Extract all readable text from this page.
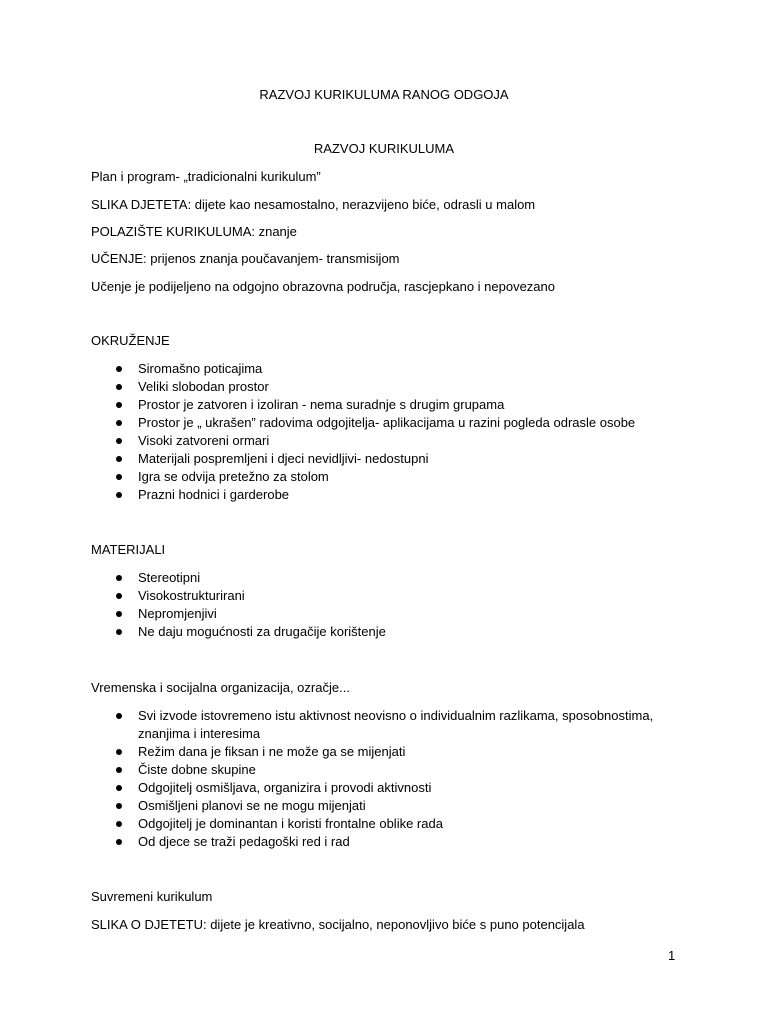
RAZVOJ KURIKULUMA RANOG ODGOJA
RAZVOJ KURIKULUMA
Plan i program- „tradicionalni kurikulum”
SLIKA DJETETA: dijete kao nesamostalno, nerazvijeno biće, odrasli u malom
POLAZIŠTE KURIKULUMA: znanje
UČENJE: prijenos znanja poučavanjem- transmisijom
Učenje je podijeljeno na odgojno obrazovna područja, rascjepkano i nepovezano
OKRUŽENJE
Siromašno poticajima
Veliki slobodan prostor
Prostor je zatvoren i izoliran - nema suradnje s drugim grupama
Prostor je „ ukrašen” radovima odgojitelja- aplikacijama u razini pogleda odrasle osobe
Visoki zatvoreni ormari
Materijali pospremljeni i djeci nevidljivi- nedostupni
Igra se odvija pretežno za stolom
Prazni hodnici i garderobe
MATERIJALI
Stereotipni
Visokostrukturirani
Nepromjenjivi
Ne daju mogućnosti za drugačije korištenje
Vremenska i socijalna organizacija, ozračje...
Svi izvode istovremeno istu aktivnost neovisno o individualnim razlikama, sposobnostima, znanjima i interesima
Režim dana je fiksan i ne može ga se mijenjati
Čiste dobne skupine
Odgojitelj osmišljava, organizira i provodi aktivnosti
Osmišljeni planovi se ne mogu mijenjati
Odgojitelj je dominantan i koristi frontalne oblike rada
Od djece se traži pedagoški red i rad
Suvremeni kurikulum
SLIKA O DJETETU: dijete je kreativno, socijalno, neponovljivo biće s puno potencijala
1
